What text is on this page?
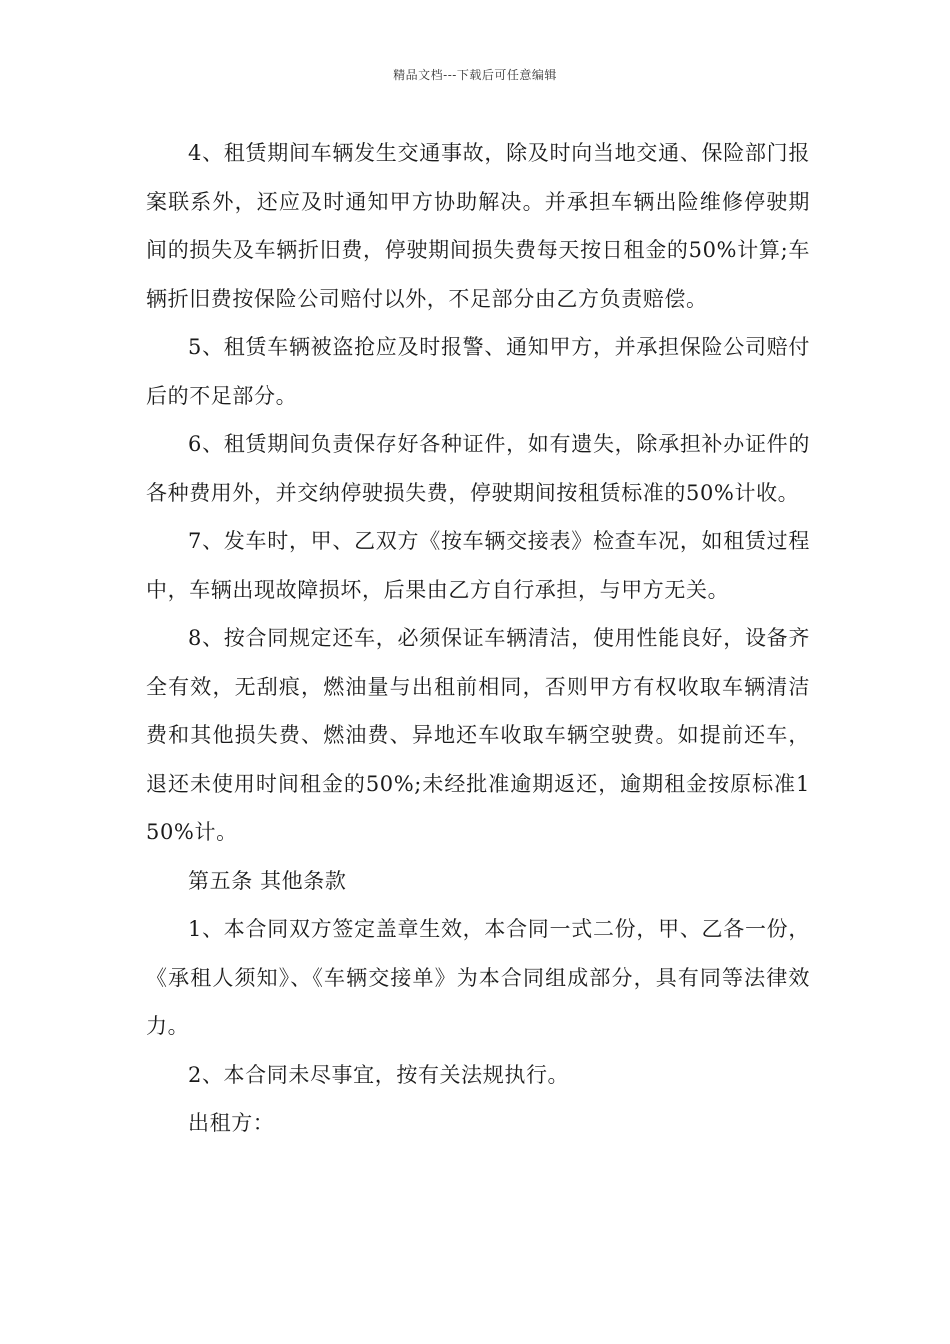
精品文档---下载后可任意编辑

4、租赁期间车辆发生交通事故，除及时向当地交通、保险部门报案联系外，还应及时通知甲方协助解决。并承担车辆出险维修停驶期间的损失及车辆折旧费，停驶期间损失费每天按日租金的50%计算;车辆折旧费按保险公司赔付以外，不足部分由乙方负责赔偿。

5、租赁车辆被盗抢应及时报警、通知甲方，并承担保险公司赔付后的不足部分。

6、租赁期间负责保存好各种证件，如有遗失，除承担补办证件的各种费用外，并交纳停驶损失费，停驶期间按租赁标准的50%计收。

7、发车时，甲、乙双方《按车辆交接表》检查车况，如租赁过程中，车辆出现故障损坏，后果由乙方自行承担，与甲方无关。

8、按合同规定还车，必须保证车辆清洁，使用性能良好，设备齐全有效，无刮痕，燃油量与出租前相同，否则甲方有权收取车辆清洁费和其他损失费、燃油费、异地还车收取车辆空驶费。如提前还车，退还未使用时间租金的50%;未经批准逾期返还，逾期租金按原标准150%计。

第五条 其他条款

1、本合同双方签定盖章生效，本合同一式二份，甲、乙各一份，《承租人须知》、《车辆交接单》为本合同组成部分，具有同等法律效力。

2、本合同未尽事宜，按有关法规执行。

出租方：
